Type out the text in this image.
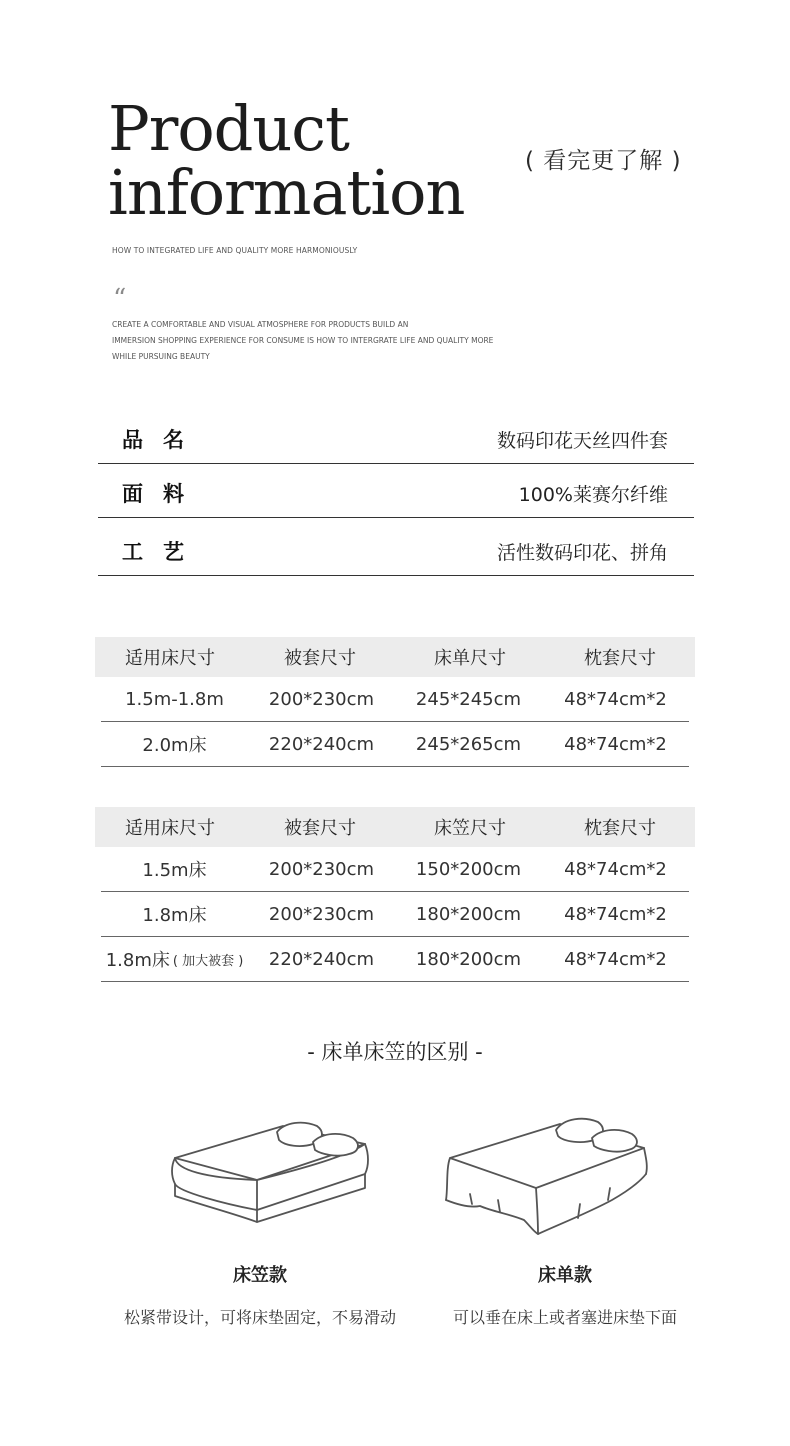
Product
information	( 看完更了解 )
HOW TO INTEGRATED LIFE AND QUALITY MORE HARMONIOUSLY
“
CREATE A COMFORTABLE AND VISUAL ATMOSPHERE FOR PRODUCTS BUILD AN
IMMERSION SHOPPING EXPERIENCE FOR CONSUME IS HOW TO INTERGRATE LIFE AND QUALITY MORE
WHILE PURSUING BEAUTY
品名	数码印花天丝四件套
面料	100%莱赛尔纤维
工艺	活性数码印花、拼角
适用床尺寸	被套尺寸	床单尺寸	枕套尺寸
1.5m-1.8m	200*230cm	245*245cm	48*74cm*2
2.0m床	220*240cm	245*265cm	48*74cm*2
适用床尺寸	被套尺寸	床笠尺寸	枕套尺寸
1.5m床	200*230cm	150*200cm	48*74cm*2
1.8m床	200*230cm	180*200cm	48*74cm*2
1.8m床 ( 加大被套 )	220*240cm	180*200cm	48*74cm*2
- 床单床笠的区别 -
床笠款
松紧带设计，可将床垫固定，不易滑动
床单款
可以垂在床上或者塞进床垫下面
